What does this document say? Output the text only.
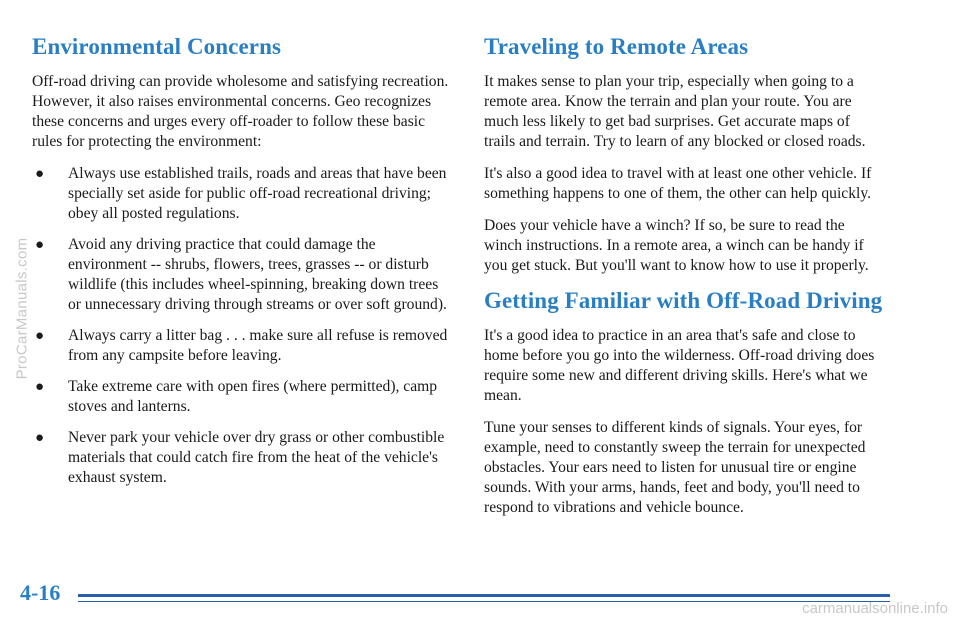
ProCarManuals.com
Environmental Concerns

Off-road driving can provide wholesome and satisfying recreation. However, it also raises environmental concerns. Geo recognizes these concerns and urges every off-roader to follow these basic rules for protecting the environment:

● Always use established trails, roads and areas that have been specially set aside for public off-road recreational driving; obey all posted regulations.
● Avoid any driving practice that could damage the environment -- shrubs, flowers, trees, grasses -- or disturb wildlife (this includes wheel-spinning, breaking down trees or unnecessary driving through streams or over soft ground).
● Always carry a litter bag . . . make sure all refuse is removed from any campsite before leaving.
● Take extreme care with open fires (where permitted), camp stoves and lanterns.
● Never park your vehicle over dry grass or other combustible materials that could catch fire from the heat of the vehicle's exhaust system.
Traveling to Remote Areas

It makes sense to plan your trip, especially when going to a remote area. Know the terrain and plan your route. You are much less likely to get bad surprises. Get accurate maps of trails and terrain. Try to learn of any blocked or closed roads.

It's also a good idea to travel with at least one other vehicle. If something happens to one of them, the other can help quickly.

Does your vehicle have a winch? If so, be sure to read the winch instructions. In a remote area, a winch can be handy if you get stuck. But you'll want to know how to use it properly.

Getting Familiar with Off-Road Driving

It's a good idea to practice in an area that's safe and close to home before you go into the wilderness. Off-road driving does require some new and different driving skills. Here's what we mean.

Tune your senses to different kinds of signals. Your eyes, for example, need to constantly sweep the terrain for unexpected obstacles. Your ears need to listen for unusual tire or engine sounds. With your arms, hands, feet and body, you'll need to respond to vibrations and vehicle bounce.

4-16
carmanualsonline.info
